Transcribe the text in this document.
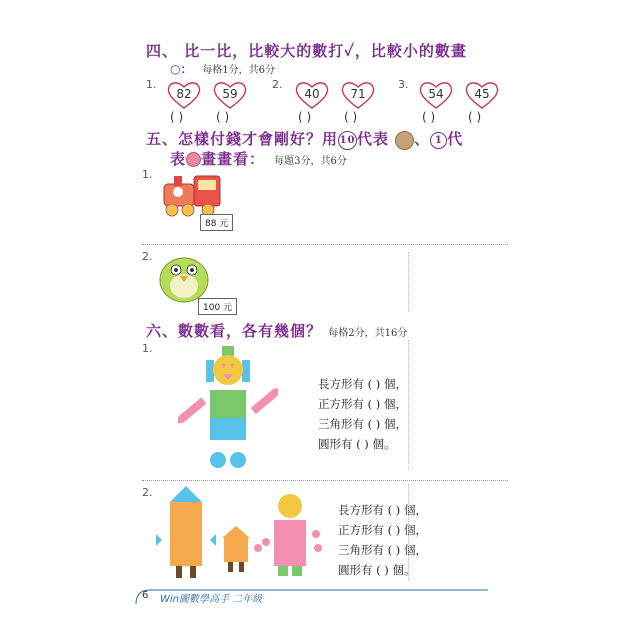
四、 比一比，比較大的數打✓，比較小的數畫
○： 每格1分，共6分
1.
82	59
2.
40	71
3.
54	45
( )	( )	( )	( )	( )	( )
五、怎樣付錢才會剛好？用 10 代表 、 1 代
表 畫畫看： 每題3分，共6分
1.
88 元
2.
100 元
六、數數看，各有幾個？ 每格2分，共16分
1.
長方形有 ( ) 個，
正方形有 ( ) 個，
三角形有 ( ) 個，
圓形有 ( ) 個。
2.
長方形有 ( ) 個，
正方形有 ( ) 個，
三角形有 ( ) 個，
圓形有 ( ) 個。
6 Win圖數學高手 二年級
